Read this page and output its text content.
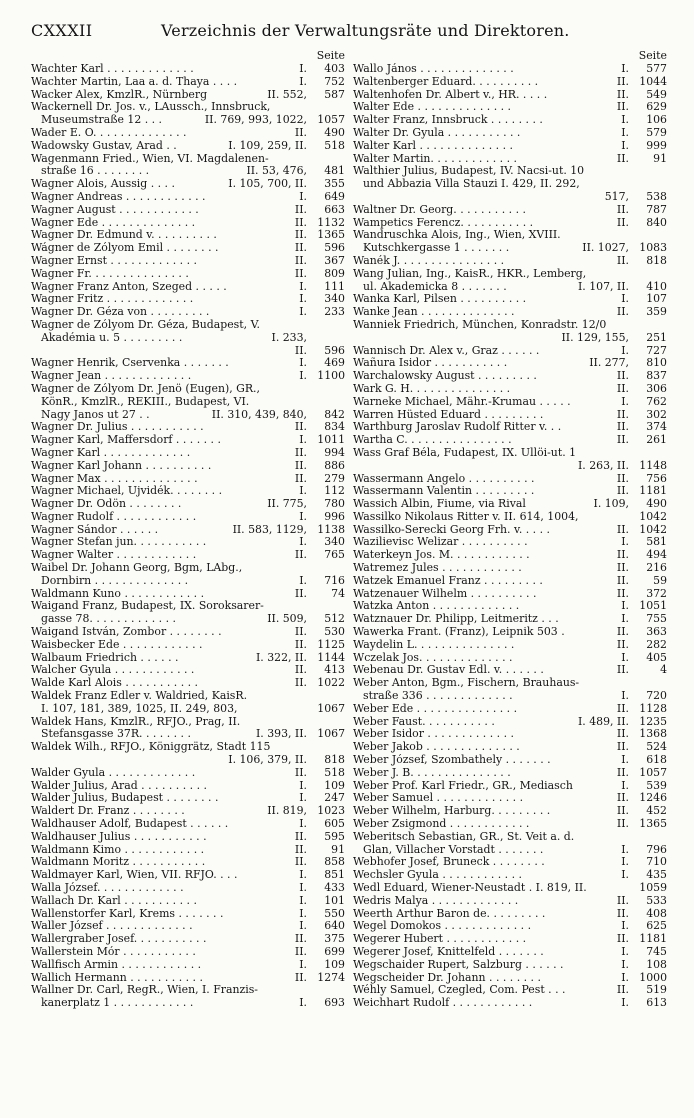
CXXXII	Verzeichnis der Verwaltungsräte und Direktoren.
Seite
Wachter Karl . . . . . . . . . . . . .	I.	403
Wachter Martin, Laa a. d. Thaya . . . .	I.	752
Wacker Alex, KmzlR., Nürnberg	II. 552,	587
Wackernell Dr. Jos. v., LAussch., Innsbruck,
Museumstraße 12 . . .	II. 769, 993, 1022, 1057
Wader E. O. . . . . . . . . . . . . .	II.	490
Wadowsky Gustav, Arad . .	I. 109, 259, II.	518
Wagenmann Fried., Wien, VI. Magdalenen-
straße 16 . . . . . . . .	II. 53, 476,	481
Wagner Alois, Aussig . . . .	I. 105, 700, II.	355
Wagner Andreas . . . . . . . . . . . .	I.	649
Wagner August . . . . . . . . . . . .	II.	663
Wagner Ede . . . . . . . . . . . . . .	II. 1132
Wagner Dr. Edmund v. . . . . . . . . .	II. 1365
Wágner de Zólyom Emil . . . . . . . .	II.	596
Wagner Ernst . . . . . . . . . . . . .	II.	367
Wagner Fr. . . . . . . . . . . . . . .	II.	809
Wagner Franz Anton, Szeged . . . . .	I.	111
Wagner Fritz . . . . . . . . . . . . .	I.	340
Wagner Dr. Géza von . . . . . . . . .	I.	233
Wagner de Zólyom Dr. Géza, Budapest, V.
Akadémia u. 5 . . . . . . . . .	I. 233,
II.	596
Wagner Henrik, Cservenka . . . . . . .	I.	469
Wagner Jean . . . . . . . . . . . . .	I. 1100
Wagner de Zólyom Dr. Jenö (Eugen), GR.,
KönR., KmzlR., REKIII., Budapest, VI.
Nagy Janos ut 27 . .	II. 310, 439, 840,	842
Wagner Dr. Julius . . . . . . . . . . .	II.	834
Wagner Karl, Maffersdorf . . . . . . .	I. 1011
Wagner Karl . . . . . . . . . . . . .	II.	994
Wagner Karl Johann . . . . . . . . . .	II.	886
Wagner Max . . . . . . . . . . . . . .	II.	279
Wagner Michael, Ujvidék. . . . . . . .	I.	112
Wagner Dr. Ödön . . . . . . . .	II. 775,	780
Wagner Rudolf . . . . . . . . . . . .	I.	996
Wagner Sándor . . . . . .	II. 583, 1129, 1138
Wagner Stefan jun. . . . . . . . . . .	I.	340
Wagner Walter . . . . . . . . . . . .	II.	765
Waibel Dr. Johann Georg, Bgm, LAbg.,
Dornbirn . . . . . . . . . . . . . .	I.	716
Waldmann Kuno . . . . . . . . . . . .	II.	74
Waigand Franz, Budapest, IX. Soroksarer-
gasse 78. . . . . . . . . . . . .	II. 509,	512
Waigand István, Zombor . . . . . . . .	II.	530
Waisbecker Ede . . . . . . . . . . . .	II. 1125
Walbaum Friedrich . . . . . .	I. 322, II. 1144
Walcher Gyula . . . . . . . . . . . .	II.	413
Walde Karl Alois . . . . . . . . . . .	II. 1022
Waldek Franz Edler v. Waldried, KaisR.
I. 107, 181, 389, 1025, II. 249, 803,	1067
Waldek Hans, KmzlR., RFJO., Prag, II.
Stefansgasse 37R. . . . . . . .	I. 393, II. 1067
Waldek Wilh., RFJO., Königgrätz, Stadt 115
I. 106, 379, II.	818
Walder Gyula . . . . . . . . . . . . .	II.	518
Walder Julius, Arad . . . . . . . . . .	I.	109
Walder Julius, Budapest . . . . . . . .	I.	247
Waldert Dr. Franz . . . . . . . .	II. 819, 1023
Waldhauser Adolf, Budapest . . . . . .	I.	605
Waldhauser Julius . . . . . . . . . . .	II.	595
Waldmann Kimo . . . . . . . . . . . .	II.	91
Waldmann Moritz . . . . . . . . . . .	II.	858
Waldmayer Karl, Wien, VII. RFJO. . . .	I.	851
Walla József. . . . . . . . . . . . .	I.	433
Wallach Dr. Karl . . . . . . . . . . .	I.	101
Wallenstorfer Karl, Krems . . . . . . .	I.	550
Waller József . . . . . . . . . . . . .	I.	640
Wallergraber Josef. . . . . . . . . . .	II.	375
Wallerstein Mór . . . . . . . . . . .	II.	699
Wallfisch Armin . . . . . . . . . . . .	I.	109
Wallich Hermann . . . . . . . . . . .	II. 1274
Wallner Dr. Carl, RegR., Wien, I. Franzis-
kanerplatz 1 . . . . . . . . . . . .	I.	693
Seite
Wallo János . . . . . . . . . . . . . .	I.	577
Waltenberger Eduard. . . . . . . . . .	II. 1044
Waltenhofen Dr. Albert v., HR. . . . .	II.	549
Walter Ede . . . . . . . . . . . . . .	II.	629
Walter Franz, Innsbruck . . . . . . . .	I.	106
Walter Dr. Gyula . . . . . . . . . . .	I.	579
Walter Karl . . . . . . . . . . . . . .	I.	999
Walter Martin. . . . . . . . . . . . .	II.	91
Walthier Julius, Budapest, IV. Nacsi-ut. 10
und Abbazia Villa Stauzi I. 429, II. 292,
517,	538
Waltner Dr. Georg. . . . . . . . . . .	II.	787
Wampetics Ferencz. . . . . . . . . . .	II.	840
Wandruschka Alois, Ing., Wien, XVIII.
Kutschkergasse 1 . . . . . . .	II. 1027, 1083
Wanék J. . . . . . . . . . . . . . . .	II.	818
Wang Julian, Ing., KaisR., HKR., Lemberg,
ul. Akademicka 8 . . . . . . .	I. 107, II.	410
Wanka Karl, Pilsen . . . . . . . . . .	I.	107
Wanke Jean . . . . . . . . . . . . . .	II.	359
Wanniek Friedrich, München, Konradstr. 12/0
II. 129, 155,	251
Wannisch Dr. Alex v., Graz . . . . . .	I.	727
Wañura Isidor . . . . . . . . . . .	II. 277,	810
Warchalowsky August . . . . . . . . .	II.	837
Wark G. H. . . . . . . . . . . . . . .	II.	306
Warneke Michael, Mähr.-Krumau . . . . .	I.	762
Warren Hüsted Eduard . . . . . . . . .	II.	302
Warthburg Jaroslav Rudolf Ritter v. . .	II.	374
Wartha C. . . . . . . . . . . . . . . .	II.	261
Wass Graf Béla, Fudapest, IX. Üllöi-ut. 1
I. 263, II. 1148
Wassermann Angelo . . . . . . . . . .	II.	756
Wassermann Valentin . . . . . . . . .	II. 1181
Wassich Albin, Fiume, via Rival	I. 109,	490
Wassilko Nikolaus Ritter v. II. 614, 1004,	1042
Wassilko-Serecki Georg Frh. v. . . . .	II. 1042
Wazilievisc Welizar . . . . . . . . . .	I.	581
Waterkeyn Jos. M. . . . . . . . . . . .	II.	494
Watremez Jules . . . . . . . . . . . .	II.	216
Watzek Emanuel Franz . . . . . . . . .	II.	59
Watzenauer Wilhelm . . . . . . . . . .	II.	372
Watzka Anton . . . . . . . . . . . . .	I. 1051
Watznauer Dr. Philipp, Leitmeritz . . .	I.	755
Wawerka Frant. (Franz), Leipnik 503 .	II.	363
Waydelin L. . . . . . . . . . . . . . .	II.	282
Wczelak Jos. . . . . . . . . . . . . .	I.	405
Webenau Dr. Gustav Edl. v. . . . . . .	II.	4
Weber Anton, Bgm., Fischern, Brauhaus-
straße 336 . . . . . . . . . . . . .	I.	720
Weber Ede . . . . . . . . . . . . . . .	II. 1128
Weber Faust. . . . . . . . . . .	I. 489, II. 1235
Weber Isidor . . . . . . . . . . . . .	II. 1368
Weber Jakob . . . . . . . . . . . . . .	II.	524
Weber József, Szombathely . . . . . . .	I.	618
Weber J. B. . . . . . . . . . . . . . .	II. 1057
Weber Prof. Karl Friedr., GR., Mediasch	I.	539
Weber Samuel . . . . . . . . . . . . .	II. 1246
Weber Wilhelm, Harburg. . . . . . . . .	II.	452
Weber Zsigmond . . . . . . . . . . . .	II. 1365
Weberitsch Sebastian, GR., St. Veit a. d.
Glan, Villacher Vorstadt . . . . . . .	I.	796
Webhofer Josef, Bruneck . . . . . . . .	I.	710
Wechsler Gyula . . . . . . . . . . . .	I.	435
Wedl Eduard, Wiener-Neustadt . I. 819, II.	1059
Wedris Malya . . . . . . . . . . . . .	II.	533
Weerth Arthur Baron de. . . . . . . . .	II.	408
Wegel Domokos . . . . . . . . . . . . .	I.	625
Wegerer Hubert . . . . . . . . . . . .	II. 1181
Wegerer Josef, Knittelfeld . . . . . . .	I.	745
Wegschaider Rupert, Salzburg . . . . . .	I.	108
Wegscheider Dr. Johann . . . . . . . .	I. 1000
Wéhly Samuel, Czegled, Com. Pest . . .	II.	519
Weichhart Rudolf . . . . . . . . . . . .	I.	613
